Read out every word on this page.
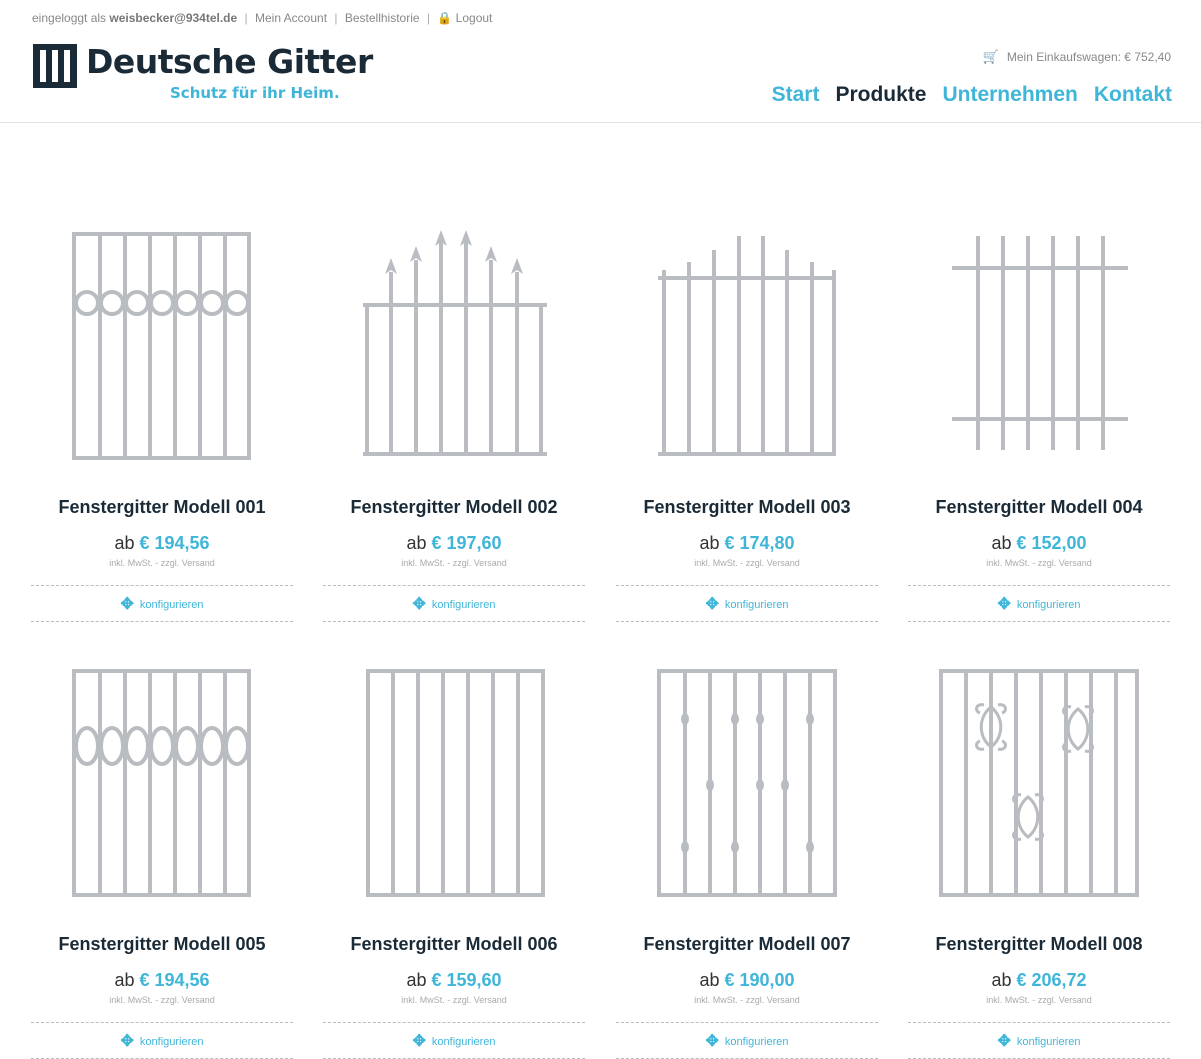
eingeloggt als weisbecker@934tel.de | Mein Account | Bestellhistorie | 🔒 Logout
Deutsche Gitter
Schutz für ihr Heim.
🛒 Mein Einkaufswagen: € 752,40
Start Produkte Unternehmen Kontakt
Fenstergitter Modell 001
ab € 194,56
inkl. MwSt. - zzgl. Versand
✥ konfigurieren
Fenstergitter Modell 002
ab € 197,60
inkl. MwSt. - zzgl. Versand
✥ konfigurieren
Fenstergitter Modell 003
ab € 174,80
inkl. MwSt. - zzgl. Versand
✥ konfigurieren
Fenstergitter Modell 004
ab € 152,00
inkl. MwSt. - zzgl. Versand
✥ konfigurieren
Fenstergitter Modell 005
ab € 194,56
inkl. MwSt. - zzgl. Versand
✥ konfigurieren
Fenstergitter Modell 006
ab € 159,60
inkl. MwSt. - zzgl. Versand
✥ konfigurieren
Fenstergitter Modell 007
ab € 190,00
inkl. MwSt. - zzgl. Versand
✥ konfigurieren
Fenstergitter Modell 008
ab € 206,72
inkl. MwSt. - zzgl. Versand
✥ konfigurieren
